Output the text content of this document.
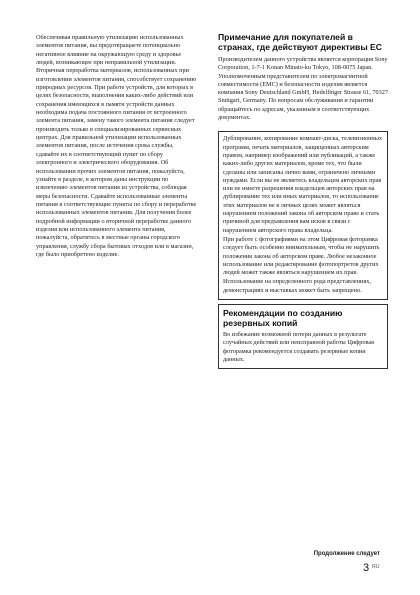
Обеспечивая правильную утилизацию использованных элементов питания, вы предотвращаете потенциально негативное влияние на окружающую среду и здоровье людей, возникающее при неправильной утилизации. Вторичная переработка материалов, использованных при изготовлении элементов питания, способствует сохранению природных ресурсов. При работе устройств, для которых в целях безопасности, выполнения каких-либо действий или сохранения имеющихся в памяти устройств данных необходима подача постоянного питания от встроенного элемента питания, замену такого элемента питания следует производить только в специализированных сервисных центрах. Для правильной утилизации использованных элементов питания, после истечения срока службы, сдавайте их в соответствующий пункт по сбору электронного и электрического оборудования. Об использовании прочих элементов питания, пожалуйста, узнайте в разделе, в котором даны инструкции по извлечению элементов питания из устройства, соблюдая меры безопасности. Сдавайте использованные элементы питания в соответствующие пункты по сбору и переработке использованных элементов питания. Для получения более подробной информации о вторичной переработке данного изделия или использованного элемента питания, пожалуйста, обратитесь в местные органы городского управления, службу сбора бытовых отходов или в магазин, где было приобретено изделие.

Примечание для покупателей в странах, где действуют директивы ЕС

Производителем данного устройства является корпорация Sony Corporation, 1-7-1 Konan Minato-ku Tokyo, 108-0075 Japan. Уполномоченным представителем по электромагнитной совместимости (EMC) и безопасности изделия является компания Sony Deutschland GmbH, Hedelfinger Strasse 61, 70327 Stuttgart, Germany. По вопросам обслуживания и гарантии обращайтесь по адресам, указанным в соответствующих документах.

Дублирование, копирование компакт-диска, телевизионных программ, печать материалов, защищенных авторским правом, например изображений или публикаций, а также каких-либо других материалов, кроме тех, что были сделаны или записаны лично вами, ограничено личными нуждами. Если вы не являетесь владельцем авторских прав или не имеете разрешения владельцев авторских прав на дублирование тех или иных материалов, то использование этих материалов не в личных целях может являться нарушением положений закона об авторском праве и стать причиной для предъявления вам исков в связи с нарушением авторского права владельца.

При работе с фотографиями на этом Цифровая фоторамка следует быть особенно внимательным, чтобы не нарушить положения закона об авторском праве. Любое незаконное использование или редактирование фотопортретов других людей может также являться нарушением их прав.

Использование на определенного рода представлениях, демонстрациях и выставках может быть запрещено.

Рекомендации по созданию резервных копий

Во избежание возможной потери данных в результате случайных действий или неисправной работы Цифровая фоторамка рекомендуется создавать резервные копии данных.

Продолжение следует
3 RU
